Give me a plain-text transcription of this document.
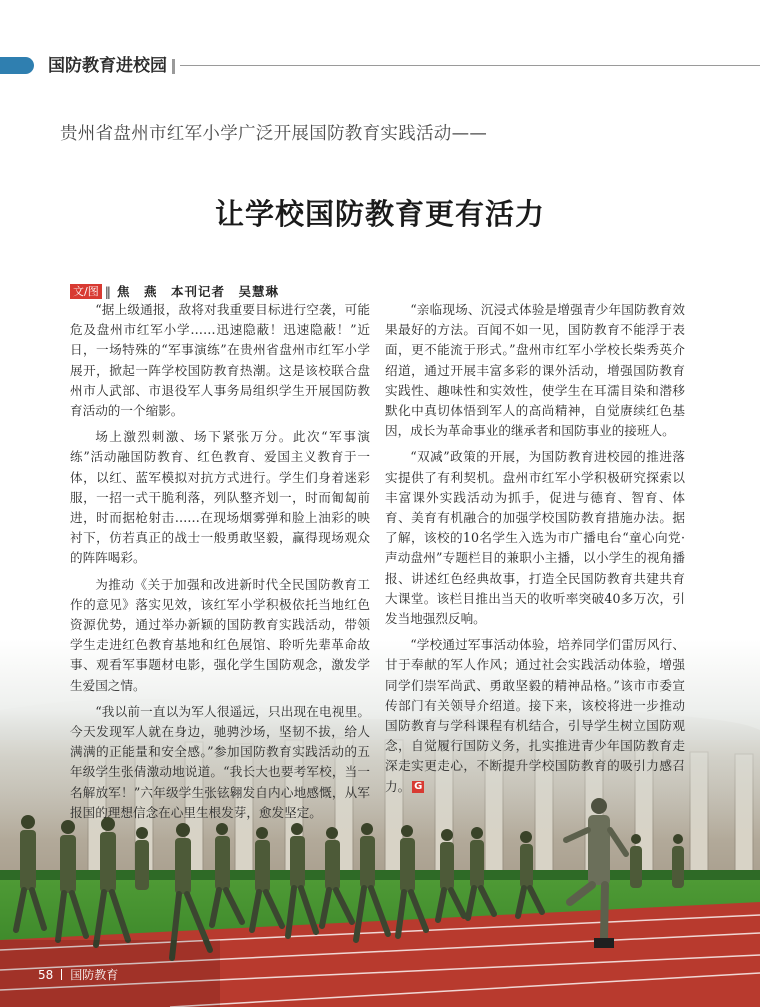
国防教育进校园
贵州省盘州市红军小学广泛开展国防教育实践活动——
让学校国防教育更有活力
文/图 ‖ 焦　燕　本刊记者　吴慧琳

“据上级通报，敌将对我重要目标进行空袭，可能危及盘州市红军小学……迅速隐蔽！迅速隐蔽！”近日，一场特殊的“军事演练”在贵州省盘州市红军小学展开，掀起一阵学校国防教育热潮。这是该校联合盘州市人武部、市退役军人事务局组织学生开展国防教育活动的一个缩影。

场上激烈刺激、场下紧张万分。此次“军事演练”活动融国防教育、红色教育、爱国主义教育于一体，以红、蓝军模拟对抗方式进行。学生们身着迷彩服，一招一式干脆利落，列队整齐划一，时而匍匐前进，时而据枪射击……在现场烟雾弹和脸上油彩的映衬下，仿若真正的战士一般勇敢坚毅，赢得现场观众的阵阵喝彩。

为推动《关于加强和改进新时代全民国防教育工作的意见》落实见效，该红军小学积极依托当地红色资源优势，通过举办新颖的国防教育实践活动，带领学生走进红色教育基地和红色展馆、聆听先辈革命故事、观看军事题材电影，强化学生国防观念，激发学生爱国之情。

“我以前一直以为军人很遥远，只出现在电视里。今天发现军人就在身边，驰骋沙场，坚韧不拔，给人满满的正能量和安全感。”参加国防教育实践活动的五年级学生张倩激动地说道。“我长大也要考军校，当一名解放军！”六年级学生张铉翱发自内心地感慨，从军报国的理想信念在心里生根发芽，愈发坚定。

“亲临现场、沉浸式体验是增强青少年国防教育效果最好的方法。百闻不如一见，国防教育不能浮于表面，更不能流于形式。”盘州市红军小学校长柴秀英介绍道，通过开展丰富多彩的课外活动，增强国防教育实践性、趣味性和实效性，使学生在耳濡目染和潜移默化中真切体悟到军人的高尚精神，自觉赓续红色基因，成长为革命事业的继承者和国防事业的接班人。

“双减”政策的开展，为国防教育进校园的推进落实提供了有利契机。盘州市红军小学积极研究探索以丰富课外实践活动为抓手，促进与德育、智育、体育、美育有机融合的加强学校国防教育措施办法。据了解，该校的10名学生入选为市广播电台“童心向党·声动盘州”专题栏目的兼职小主播，以小学生的视角播报、讲述红色经典故事，打造全民国防教育共建共育大课堂。该栏目推出当天的收听率突破40多万次，引发当地强烈反响。

“学校通过军事活动体验，培养同学们雷厉风行、甘于奉献的军人作风；通过社会实践活动体验，增强同学们崇军尚武、勇敢坚毅的精神品格。”该市市委宣传部门有关领导介绍道。接下来，该校将进一步推动国防教育与学科课程有机结合，引导学生树立国防观念，自觉履行国防义务，扎实推进青少年国防教育走深走实更走心，不断提升学校国防教育的吸引力感召力。 G

58 国防教育
